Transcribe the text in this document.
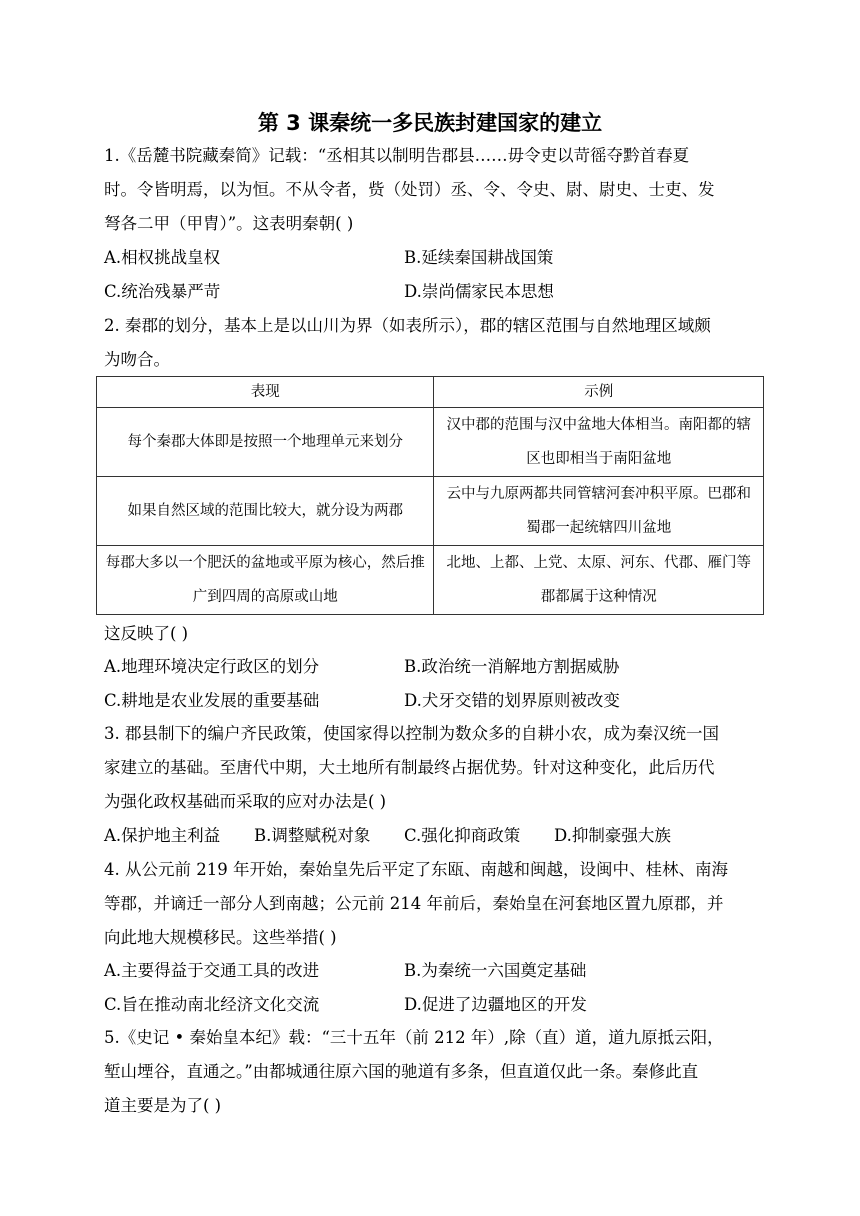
第 3 课秦统一多民族封建国家的建立
1.《岳麓书院藏秦简》记载：“丞相其以制明告郡县……毋令吏以苛徭夺黔首春夏
时。令皆明焉，以为恒。不从令者，赀（处罚）丞、令、令史、尉、尉史、士吏、发
弩各二甲（甲胄）”。这表明秦朝( )
A.相权挑战皇权	B.延续秦国耕战国策
C.统治残暴严苛	D.崇尚儒家民本思想
2. 秦郡的划分，基本上是以山川为界（如表所示），郡的辖区范围与自然地理区域颇
为吻合。
表现	示例
每个秦郡大体即是按照一个地理单元来划分	汉中郡的范围与汉中盆地大体相当。南阳都的辖区也即相当于南阳盆地
如果自然区域的范围比较大，就分设为两郡	云中与九原两都共同管辖河套冲积平原。巴郡和蜀郡一起统辖四川盆地
每郡大多以一个肥沃的盆地或平原为核心，然后推广到四周的高原或山地	北地、上都、上党、太原、河东、代郡、雁门等郡都属于这种情况
这反映了( )
A.地理环境决定行政区的划分	B.政治统一消解地方割据威胁
C.耕地是农业发展的重要基础	D.犬牙交错的划界原则被改变
3. 郡县制下的编户齐民政策，使国家得以控制为数众多的自耕小农，成为秦汉统一国
家建立的基础。至唐代中期，大土地所有制最终占据优势。针对这种变化，此后历代
为强化政权基础而采取的应对办法是( )
A.保护地主利益 B.调整赋税对象 C.强化抑商政策 D.抑制豪强大族
4. 从公元前 219 年开始，秦始皇先后平定了东瓯、南越和闽越，设闽中、桂林、南海
等郡，并谪迁一部分人到南越；公元前 214 年前后，秦始皇在河套地区置九原郡，并
向此地大规模移民。这些举措( )
A.主要得益于交通工具的改进	B.为秦统一六国奠定基础
C.旨在推动南北经济文化交流	D.促进了边疆地区的开发
5.《史记 • 秦始皇本纪》载：“三十五年（前 212 年）,除（直）道，道九原抵云阳，
堑山堙谷，直通之。”由都城通往原六国的驰道有多条，但直道仅此一条。秦修此直
道主要是为了( )
